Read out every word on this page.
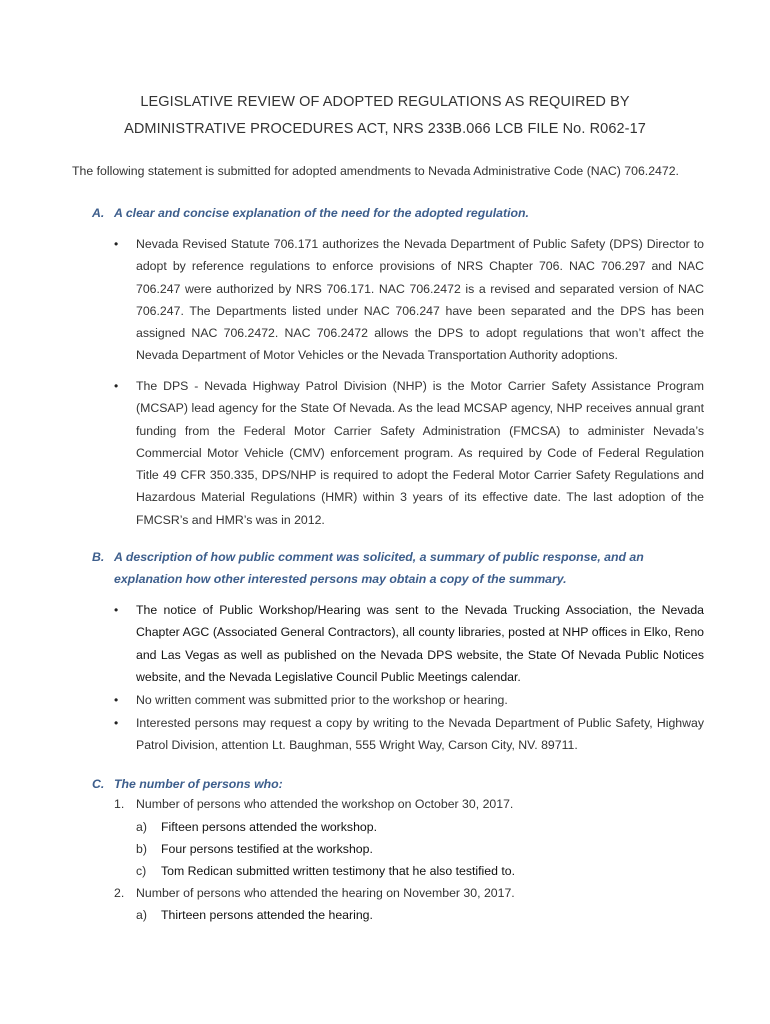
LEGISLATIVE REVIEW OF ADOPTED REGULATIONS AS REQUIRED BY
ADMINISTRATIVE PROCEDURES ACT, NRS 233B.066 LCB FILE No. R062-17
The following statement is submitted for adopted amendments to Nevada Administrative Code (NAC) 706.2472.
A. A clear and concise explanation of the need for the adopted regulation.
•	Nevada Revised Statute 706.171 authorizes the Nevada Department of Public Safety (DPS) Director to adopt by reference regulations to enforce provisions of NRS Chapter 706. NAC 706.297 and NAC 706.247 were authorized by NRS 706.171. NAC 706.2472 is a revised and separated version of NAC 706.247. The Departments listed under NAC 706.247 have been separated and the DPS has been assigned NAC 706.2472. NAC 706.2472 allows the DPS to adopt regulations that won’t affect the Nevada Department of Motor Vehicles or the Nevada Transportation Authority adoptions.
•	The DPS - Nevada Highway Patrol Division (NHP) is the Motor Carrier Safety Assistance Program (MCSAP) lead agency for the State Of Nevada. As the lead MCSAP agency, NHP receives annual grant funding from the Federal Motor Carrier Safety Administration (FMCSA) to administer Nevada’s Commercial Motor Vehicle (CMV) enforcement program. As required by Code of Federal Regulation Title 49 CFR 350.335, DPS/NHP is required to adopt the Federal Motor Carrier Safety Regulations and Hazardous Material Regulations (HMR) within 3 years of its effective date. The last adoption of the FMCSR’s and HMR’s was in 2012.
B. A description of how public comment was solicited, a summary of public response, and an
explanation how other interested persons may obtain a copy of the summary.
•	The notice of Public Workshop/Hearing was sent to the Nevada Trucking Association, the Nevada Chapter AGC (Associated General Contractors), all county libraries, posted at NHP offices in Elko, Reno and Las Vegas as well as published on the Nevada DPS website, the State Of Nevada Public Notices website, and the Nevada Legislative Council Public Meetings calendar.
•	No written comment was submitted prior to the workshop or hearing.
•	Interested persons may request a copy by writing to the Nevada Department of Public Safety, Highway Patrol Division, attention Lt. Baughman, 555 Wright Way, Carson City, NV. 89711.
C. The number of persons who:
1. Number of persons who attended the workshop on October 30, 2017.
a) Fifteen persons attended the workshop.
b) Four persons testified at the workshop.
c) Tom Redican submitted written testimony that he also testified to.
2. Number of persons who attended the hearing on November 30, 2017.
a) Thirteen persons attended the hearing.
